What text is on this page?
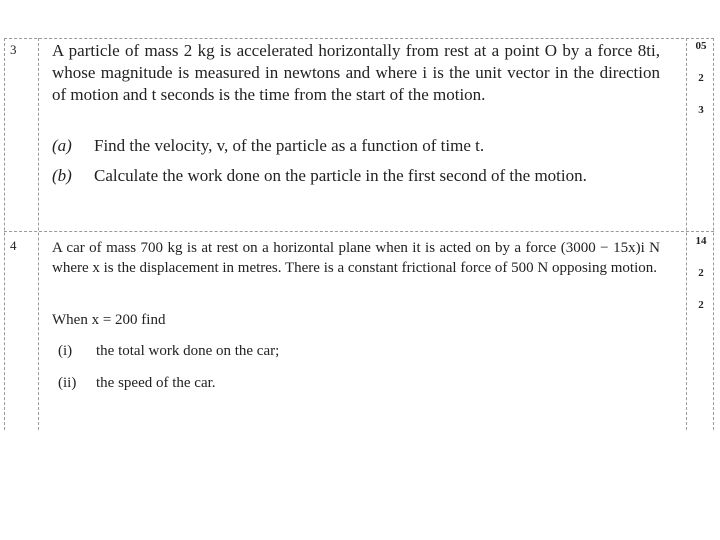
3 A particle of mass 2 kg is accelerated horizontally from rest at a point O by a force 8ti, whose magnitude is measured in newtons and where i is the unit vector in the direction of motion and t seconds is the time from the start of the motion.
(a) Find the velocity, v, of the particle as a function of time t.
(b) Calculate the work done on the particle in the first second of the motion.
05
2
3
4 A car of mass 700 kg is at rest on a horizontal plane when it is acted on by a force (3000 − 15x)i N where x is the displacement in metres. There is a constant frictional force of 500 N opposing motion.
When x = 200 find
(i) the total work done on the car;
(ii) the speed of the car.
14
2
2
